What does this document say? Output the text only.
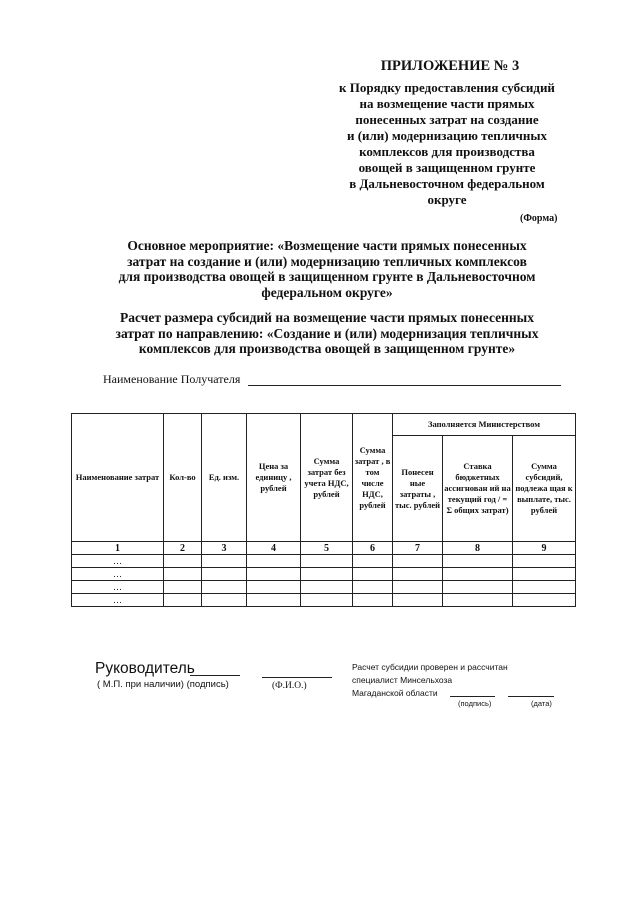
ПРИЛОЖЕНИЕ № 3
к Порядку предоставления субсидий
на возмещение части прямых
понесенных затрат на создание
и (или) модернизацию тепличных
комплексов для производства
овощей в защищенном грунте
в Дальневосточном федеральном
округе
(Форма)
Основное мероприятие: «Возмещение части прямых понесенных
затрат на создание и (или) модернизацию тепличных комплексов
для производства овощей в защищенном грунте в Дальневосточном
федеральном округе»
Расчет размера субсидий на возмещение части прямых понесенных
затрат по направлению: «Создание и (или) модернизация тепличных
комплексов для производства овощей в защищенном грунте»
Наименование Получателя
Наименование затрат	Кол-во	Ед. изм.	Цена за единицу , рублей	Сумма затрат без учета НДС, рублей	Сумма затрат , в том числе НДС, рублей	Заполняется Министерством		
						Понесен ные затраты , тыс. рублей	Ставка бюджетных ассигнован ий на текущий год / = Σ общих затрат)	Сумма субсидий, подлежа щая к выплате, тыс. рублей
1	2	3	4	5	6	7	8	9
…								
…								
…								
…								
Руководитель
( М.П. при наличии) (подпись)	(Ф.И.О.)
Расчет субсидии проверен и рассчитан
специалист Минсельхоза
Магаданской области
(подпись)	(дата)
